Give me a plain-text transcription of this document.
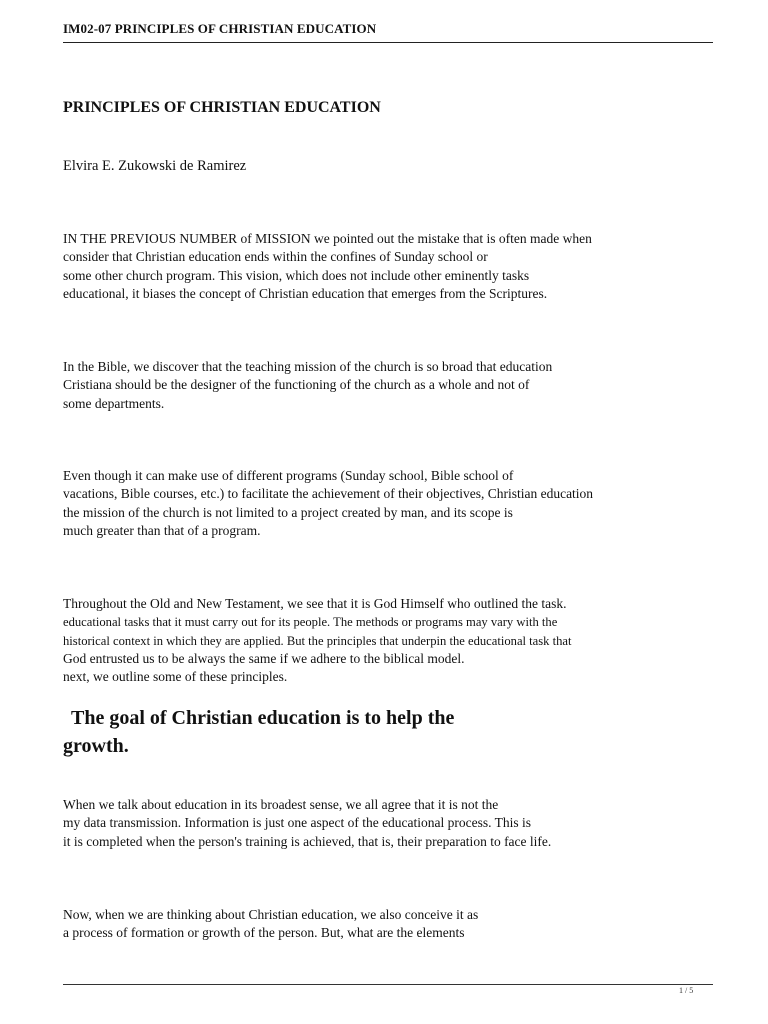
IM02-07 PRINCIPLES OF CHRISTIAN EDUCATION
PRINCIPLES OF CHRISTIAN EDUCATION
Elvira E. Zukowski de Ramirez

IN THE PREVIOUS NUMBER of MISSION we pointed out the mistake that is often made when
consider that Christian education ends within the confines of Sunday school or
some other church program. This vision, which does not include other eminently tasks
educational, it biases the concept of Christian education that emerges from the Scriptures.

In the Bible, we discover that the teaching mission of the church is so broad that education
Cristiana should be the designer of the functioning of the church as a whole and not of
some departments.

Even though it can make use of different programs (Sunday school, Bible school of
vacations, Bible courses, etc.) to facilitate the achievement of their objectives, Christian education
the mission of the church is not limited to a project created by man, and its scope is
much greater than that of a program.

Throughout the Old and New Testament, we see that it is God Himself who outlined the task.
educational tasks that it must carry out for its people. The methods or programs may vary with the
historical context in which they are applied. But the principles that underpin the educational task that
God entrusted us to be always the same if we adhere to the biblical model.
next, we outline some of these principles.

The goal of Christian education is to help the
growth.

When we talk about education in its broadest sense, we all agree that it is not the
my data transmission. Information is just one aspect of the educational process. This is
it is completed when the person's training is achieved, that is, their preparation to face life.

Now, when we are thinking about Christian education, we also conceive it as
a process of formation or growth of the person. But, what are the elements

1 / 5
